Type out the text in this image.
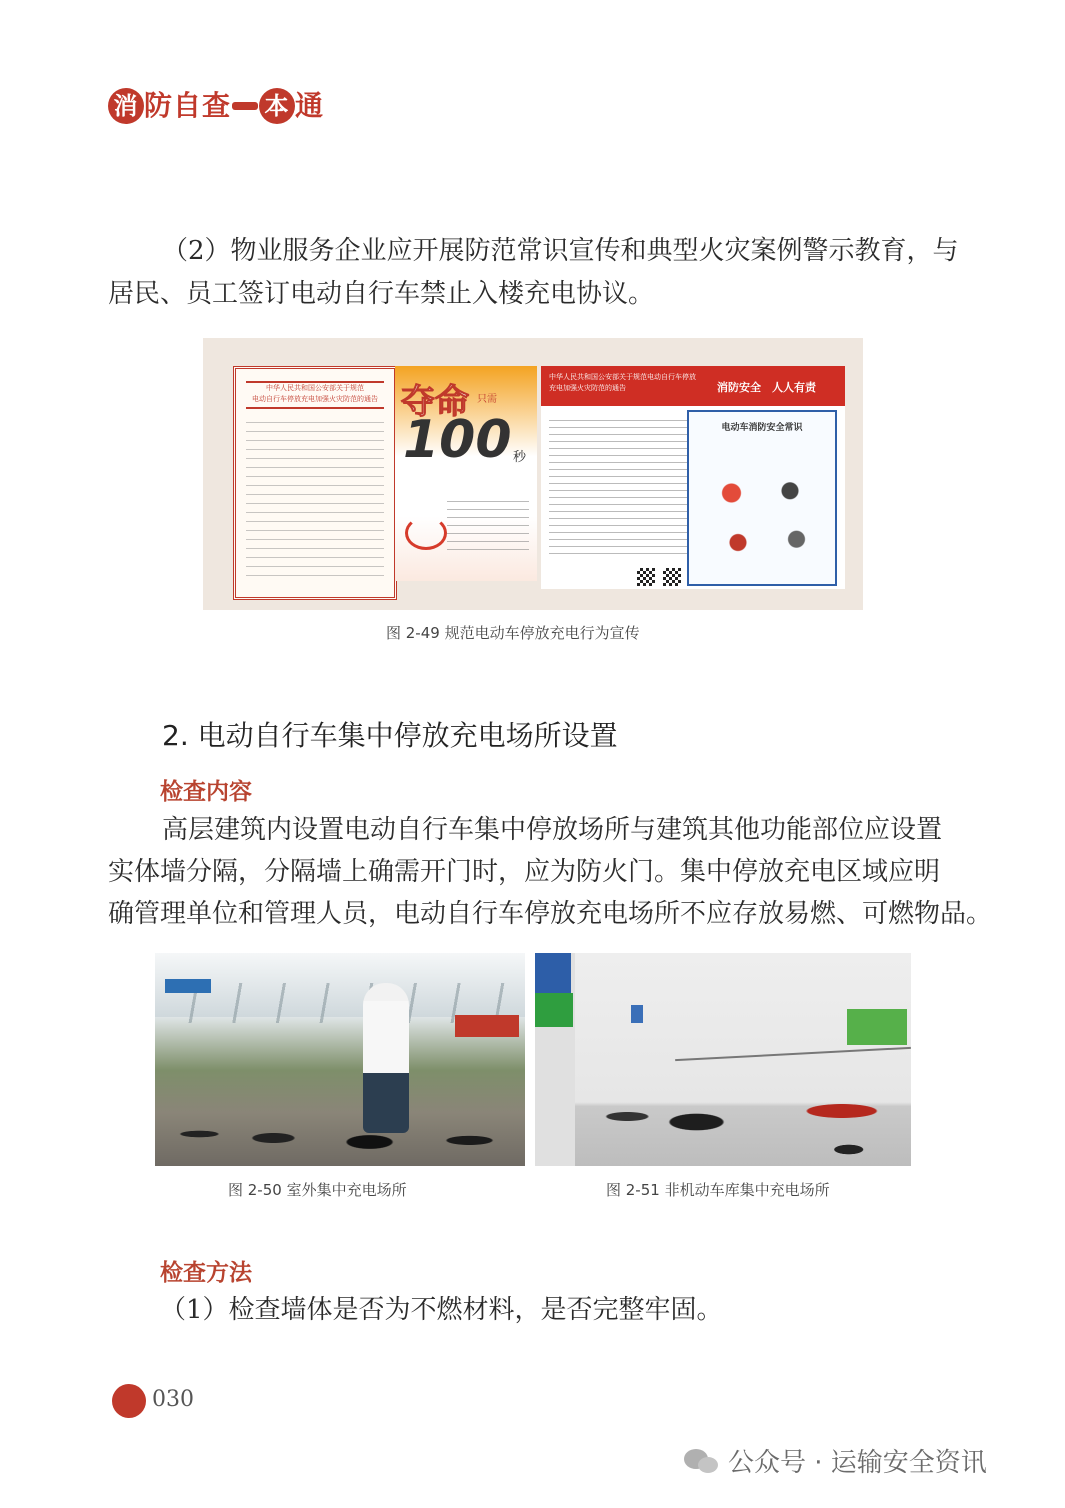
消 防 自 查 本 通
（2）物业服务企业应开展防范常识宣传和典型火灾案例警示教育，与
居民、员工签订电动自行车禁止入楼充电协议。
中华人民共和国公安部关于规范
电动自行车停放充电加强火灾防范的通告 夺命 只需
100 秒
中华人民共和国公安部关于规范电动自行车停放充电加强火灾防范的通告	消防安全　人人有责
电动车消防安全常识
图 2-49 规范电动车停放充电行为宣传
2. 电动自行车集中停放充电场所设置
检查内容
高层建筑内设置电动自行车集中停放场所与建筑其他功能部位应设置
实体墙分隔，分隔墙上确需开门时，应为防火门。集中停放充电区域应明
确管理单位和管理人员，电动自行车停放充电场所不应存放易燃、可燃物品。
图 2-50 室外集中充电场所	图 2-51 非机动车库集中充电场所
检查方法
（1）检查墙体是否为不燃材料，是否完整牢固。
030
公众号 · 运输安全资讯
